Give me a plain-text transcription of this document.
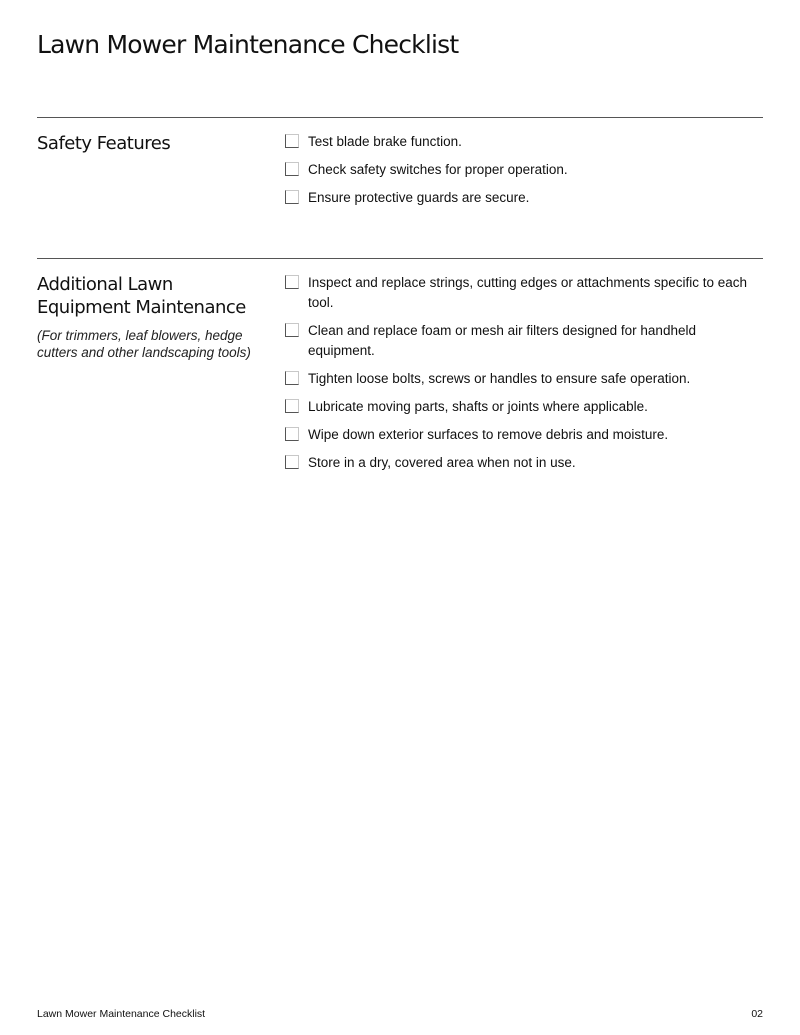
Lawn Mower Maintenance Checklist
Safety Features	Test blade brake function.
Check safety switches for proper operation.
Ensure protective guards are secure.
Additional Lawn Equipment Maintenance

(For trimmers, leaf blowers, hedge cutters and other landscaping tools)

Inspect and replace strings, cutting edges or attachments specific to each tool.
Clean and replace foam or mesh air filters designed for handheld equipment.
Tighten loose bolts, screws or handles to ensure safe operation.
Lubricate moving parts, shafts or joints where applicable.
Wipe down exterior surfaces to remove debris and moisture.
Store in a dry, covered area when not in use.
Lawn Mower Maintenance Checklist	02
